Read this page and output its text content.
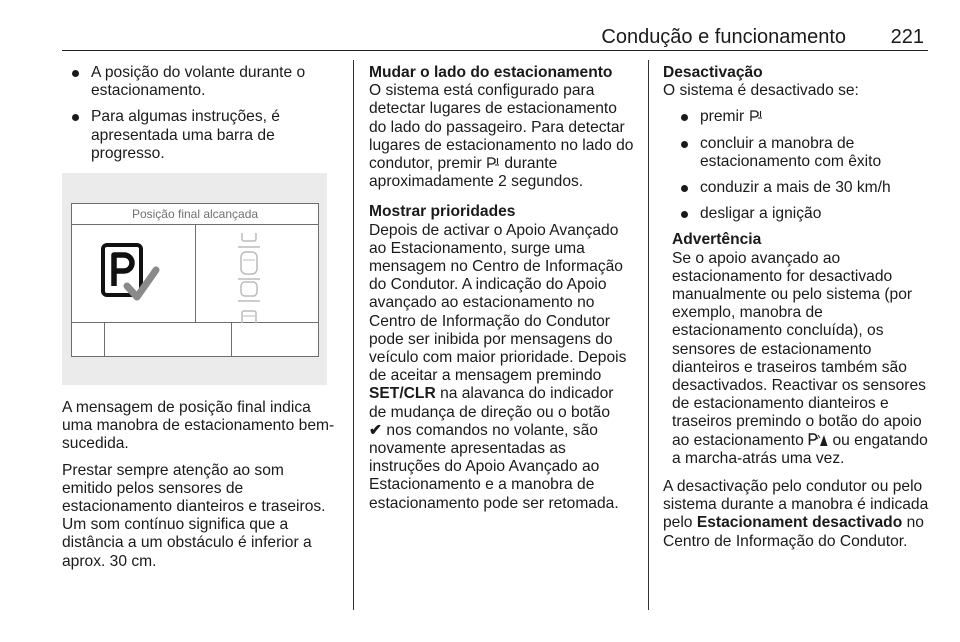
Condução e funcionamento 221
A posição do volante durante o estacionamento.
Para algumas instruções, é apresentada uma barra de progresso.
Posição final alcançada

A mensagem de posição final indica uma manobra de estacionamento bem-sucedida.

Prestar sempre atenção ao som emitido pelos sensores de estacionamento dianteiros e traseiros. Um som contínuo significa que a distância a um obstáculo é inferior a aprox. 30 cm.

Mudar o lado do estacionamento
O sistema está configurado para detectar lugares de estacionamento do lado do passageiro. Para detectar lugares de estacionamento no lado do condutor, premir durante aproximadamente 2 segundos.
Mostrar prioridades
Depois de activar o Apoio Avançado ao Estacionamento, surge uma mensagem no Centro de Informação do Condutor. A indicação do Apoio avançado ao estacionamento no Centro de Informação do Condutor pode ser inibida por mensagens do veículo com maior prioridade. Depois de aceitar a mensagem premindo SET/CLR na alavanca do indicador de mudança de direção ou o botão
✔ nos comandos no volante, são novamente apresentadas as instruções do Apoio Avançado ao Estacionamento e a manobra de estacionamento pode ser retomada.
Desactivação

O sistema é desactivado se:

premir
concluir a manobra de estacionamento com êxito
conduzir a mais de 30 km/h
desligar a ignição
Advertência
Se o apoio avançado ao estacionamento for desactivado manualmente ou pelo sistema (por exemplo, manobra de estacionamento concluída), os sensores de estacionamento dianteiros e traseiros também são desactivados. Reactivar os sensores de estacionamento dianteiros e traseiros premindo o botão do apoio ao estacionamento ou engatando a marcha-atrás uma vez.
A desactivação pelo condutor ou pelo sistema durante a manobra é indicada pelo Estacionament desactivado no Centro de Informação do Condutor.
